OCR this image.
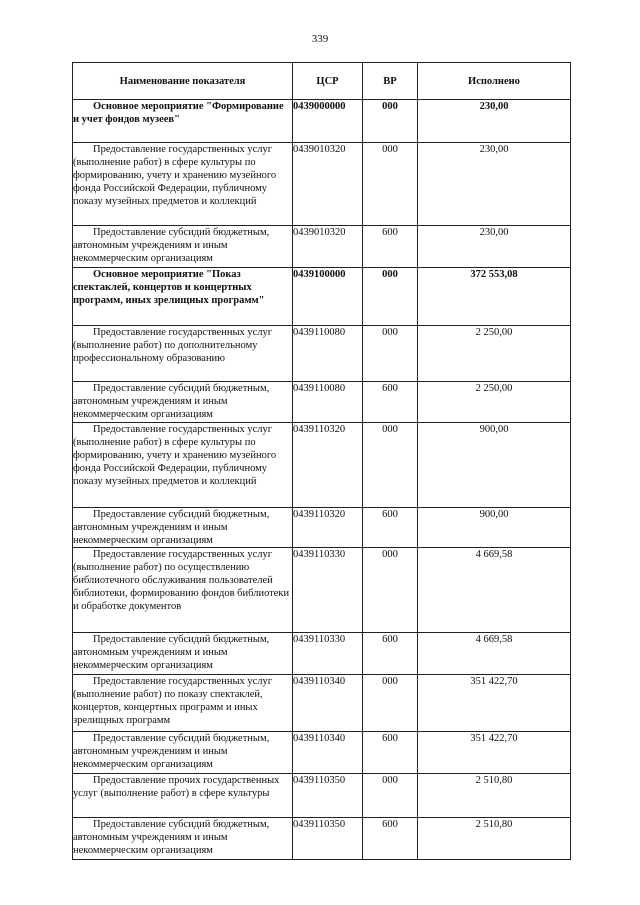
339
Наименование показателя	ЦСР	ВР	Исполнено
Основное мероприятие "Формирование и учет фондов музеев"	0439000000	000	230,00
Предоставление государственных услуг (выполнение работ) в сфере культуры по формированию, учету и хранению музейного фонда Российской Федерации, публичному показу музейных предметов и коллекций	0439010320	000	230,00
Предоставление субсидий бюджетным, автономным учреждениям и иным некоммерческим организациям	0439010320	600	230,00
Основное мероприятие "Показ спектаклей, концертов и концертных программ, иных зрелищных программ"	0439100000	000	372 553,08
Предоставление государственных услуг (выполнение работ) по дополнительному профессиональному образованию	0439110080	000	2 250,00
Предоставление субсидий бюджетным, автономным учреждениям и иным некоммерческим организациям	0439110080	600	2 250,00
Предоставление государственных услуг (выполнение работ) в сфере культуры по формированию, учету и хранению музейного фонда Российской Федерации, публичному показу музейных предметов и коллекций	0439110320	000	900,00
Предоставление субсидий бюджетным, автономным учреждениям и иным некоммерческим организациям	0439110320	600	900,00
Предоставление государственных услуг (выполнение работ) по осуществлению библиотечного обслуживания пользователей библиотеки, формированию фондов библиотеки и обработке документов	0439110330	000	4 669,58
Предоставление субсидий бюджетным, автономным учреждениям и иным некоммерческим организациям	0439110330	600	4 669,58
Предоставление государственных услуг (выполнение работ) по показу спектаклей, концертов, концертных программ и иных зрелищных программ	0439110340	000	351 422,70
Предоставление субсидий бюджетным, автономным учреждениям и иным некоммерческим организациям	0439110340	600	351 422,70
Предоставление прочих государственных услуг (выполнение работ) в сфере культуры	0439110350	000	2 510,80
Предоставление субсидий бюджетным, автономным учреждениям и иным некоммерческим организациям	0439110350	600	2 510,80
